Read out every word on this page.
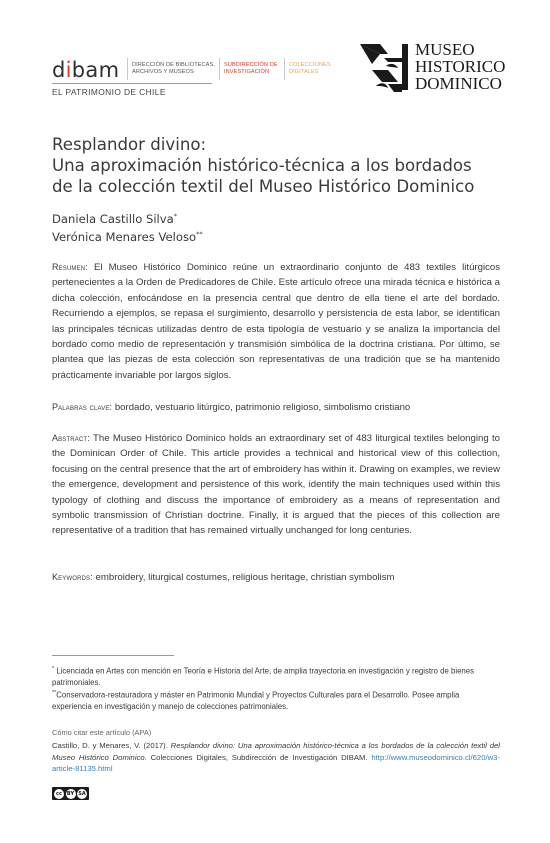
dibam DIRECCIÓN DE BIBLIOTECAS,
ARCHIVOS Y MUSEOS
SUBDIRECCIÓN DE
INVESTIGACIÓN
COLECCIONES
DIGITALES
EL PATRIMONIO DE CHILE
MUSEO
HISTORICO
DOMINICO
Resplandor divino:
Una aproximación histórico-técnica a los bordados
de la colección textil del Museo Histórico Dominico
Daniela Castillo Silva*
Verónica Menares Veloso**
Resumen: El Museo Histórico Dominico reúne un extraordinario conjunto de 483 textiles litúrgicos pertenecientes a la Orden de Predicadores de Chile. Este artículo ofrece una mirada técnica e histórica a dicha colección, enfocándose en la presencia central que dentro de ella tiene el arte del bordado. Recurriendo a ejemplos, se repasa el surgimiento, desarrollo y persistencia de esta labor, se identifican las principales técnicas utilizadas dentro de esta tipología de vestuario y se analiza la importancia del bordado como medio de representación y transmisión simbólica de la doctrina cristiana. Por último, se plantea que las piezas de esta colección son representativas de una tradición que se ha mantenido prácticamente invariable por largos siglos.
Palabras clave: bordado, vestuario litúrgico, patrimonio religioso, simbolismo cristiano
Abstract: The Museo Histórico Dominico holds an extraordinary set of 483 liturgical textiles belonging to the Dominican Order of Chile. This article provides a technical and historical view of this collection, focusing on the central presence that the art of embroidery has within it. Drawing on examples, we review the emergence, development and persistence of this work, identify the main techniques used within this typology of clothing and discuss the importance of embroidery as a means of representation and symbolic transmission of Christian doctrine. Finally, it is argued that the pieces of this collection are representative of a tradition that has remained virtually unchanged for long centuries.
Keywords: embroidery, liturgical costumes, religious heritage, christian symbolism
* Licenciada en Artes con mención en Teoría e Historia del Arte, de amplia trayectoria en investigación y registro de bienes patrimoniales.
**Conservadora-restauradora y máster en Patrimonio Mundial y Proyectos Culturales para el Desarrollo. Posee amplia experiencia en investigación y manejo de colecciones patrimoniales.
Cómo citar este artículo (APA)
Castillo, D. y Menares, V. (2017). Resplandor divino: Una aproximación histórico-técnica a los bordados de la colección textil del Museo Histórico Dominico. Colecciones Digitales, Subdirección de Investigación DIBAM. http://www.museodominico.cl/620/w3-article-81135.html
cc BY SA
